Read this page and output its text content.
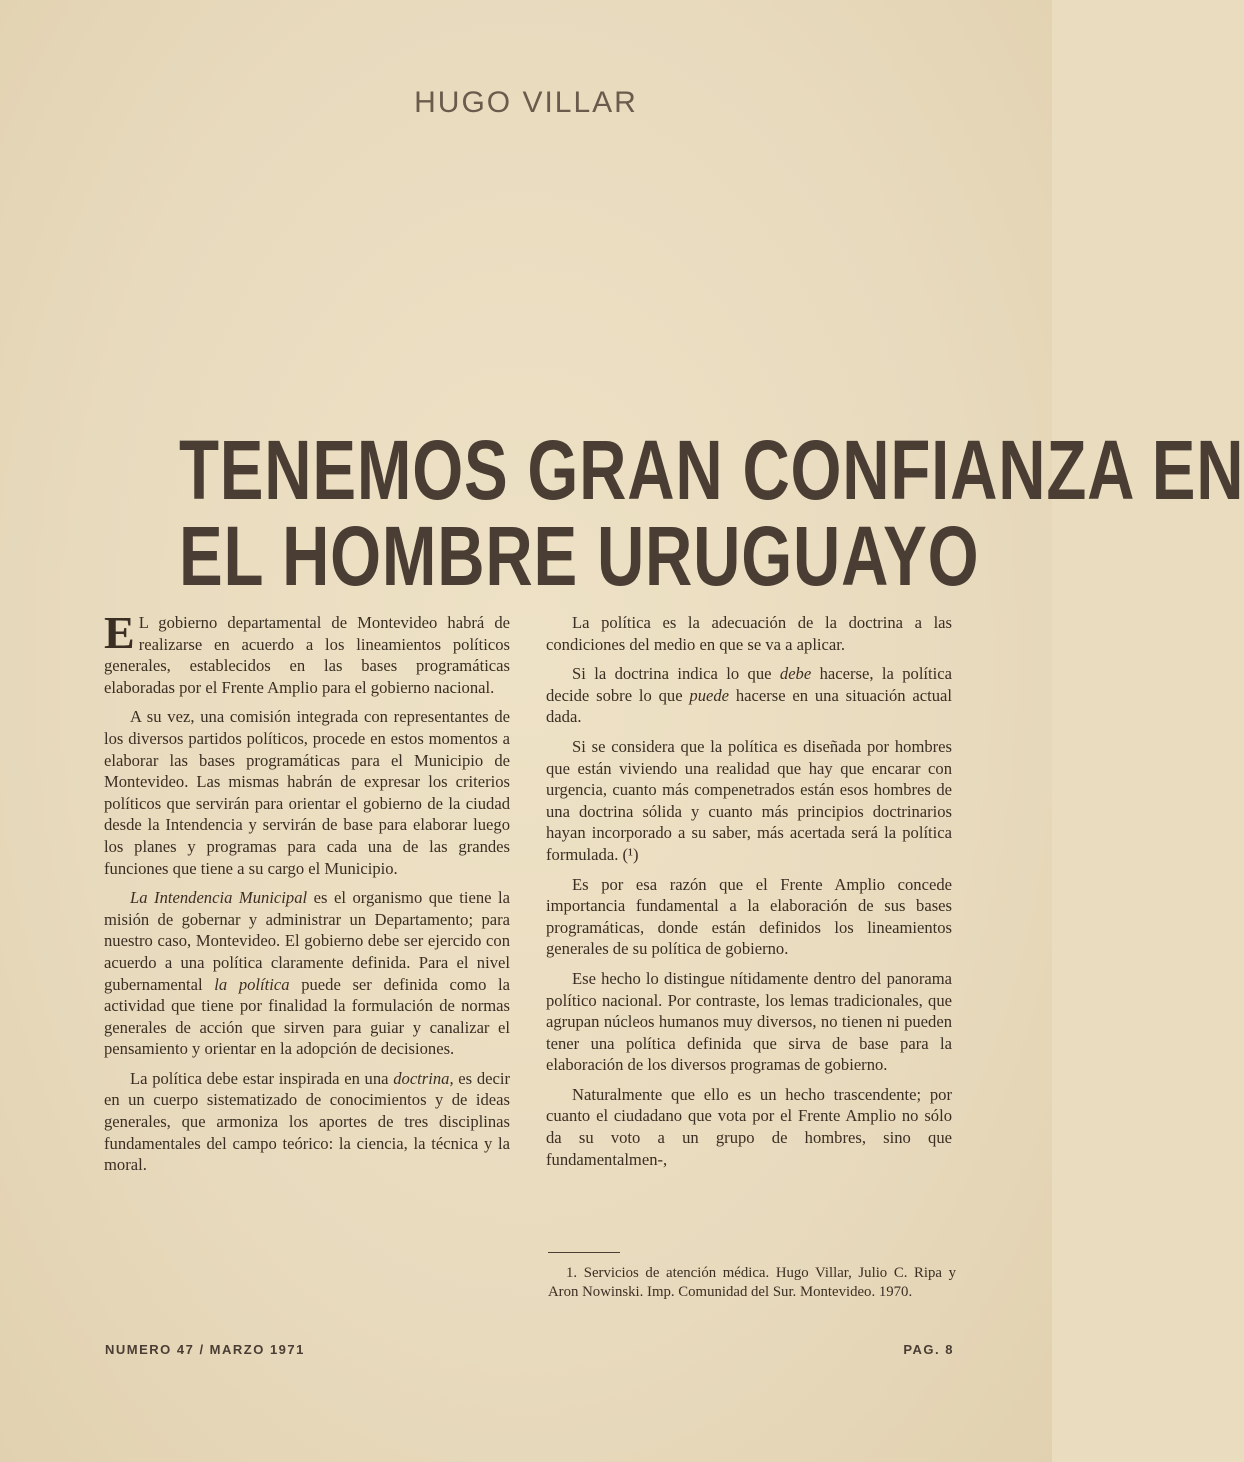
HUGO VILLAR
TENEMOS GRAN CONFIANZA EN
EL HOMBRE URUGUAYO

E L gobierno departamental de Montevideo habrá de realizarse en acuerdo a los lineamientos políticos generales, establecidos en las bases programáticas elaboradas por el Frente Amplio para el gobierno nacional.

A su vez, una comisión integrada con representantes de los diversos partidos políticos, procede en estos momentos a elaborar las bases programáticas para el Municipio de Montevideo. Las mismas habrán de expresar los criterios políticos que servirán para orientar el gobierno de la ciudad desde la Intendencia y servirán de base para elaborar luego los planes y programas para cada una de las grandes funciones que tiene a su cargo el Municipio.

La Intendencia Municipal es el organismo que tiene la misión de gobernar y administrar un Departamento; para nuestro caso, Montevideo. El gobierno debe ser ejercido con acuerdo a una política claramente definida. Para el nivel gubernamental la política puede ser definida como la actividad que tiene por finalidad la formulación de normas generales de acción que sirven para guiar y canalizar el pensamiento y orientar en la adopción de decisiones.

La política debe estar inspirada en una doctrina, es decir en un cuerpo sistematizado de conocimientos y de ideas generales, que armoniza los aportes de tres disciplinas fundamentales del campo teórico: la ciencia, la técnica y la moral.

La política es la adecuación de la doctrina a las condiciones del medio en que se va a aplicar.

Si la doctrina indica lo que debe hacerse, la política decide sobre lo que puede hacerse en una situación actual dada.

Si se considera que la política es diseñada por hombres que están viviendo una realidad que hay que encarar con urgencia, cuanto más compenetrados están esos hombres de una doctrina sólida y cuanto más principios doctrinarios hayan incorporado a su saber, más acertada será la política formulada. (¹)

Es por esa razón que el Frente Amplio concede importancia fundamental a la elaboración de sus bases programáticas, donde están definidos los lineamientos generales de su política de gobierno.

Ese hecho lo distingue nítidamente dentro del panorama político nacional. Por contraste, los lemas tradicionales, que agrupan núcleos humanos muy diversos, no tienen ni pueden tener una política definida que sirva de base para la elaboración de los diversos programas de gobierno.

Naturalmente que ello es un hecho trascendente; por cuanto el ciudadano que vota por el Frente Amplio no sólo da su voto a un grupo de hombres, sino que fundamentalmen-,

1. Servicios de atención médica. Hugo Villar, Julio C. Ripa y Aron Nowinski. Imp. Comunidad del Sur. Montevideo. 1970.
NUMERO 47 / MARZO 1971	PAG. 8
